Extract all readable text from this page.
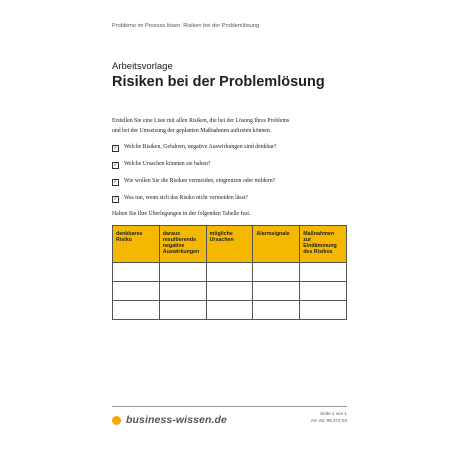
Probleme im Prozess lösen: Risiken bei der Problemlösung
Arbeitsvorlage
Risiken bei der Problemlösung
Erstellen Sie eine Liste mit allen Risiken, die bei der Lösung Ihres Problems
und bei der Umsetzung der geplanten Maßnahmen auftreten können.
✓ Welche Risiken, Gefahren, negative Auswirkungen sind denkbar?
✓ Welche Ursachen könnten sie haben?
✓ Wie wollen Sie die Risiken vermeiden, eingrenzen oder mildern?
✓ Was tun, wenn sich das Risiko nicht vermeiden lässt?
Halten Sie Ihre Überlegungen in der folgenden Tabelle fest.
denkbares Risiko	daraus resultierende negative Auswirkungen	mögliche Ursachen	Alarmsignale	Maßnahmen zur Eindämmung des Risikos

business-wissen.de
Seite 1 von 1
Art.-Nr. 99.272.03
